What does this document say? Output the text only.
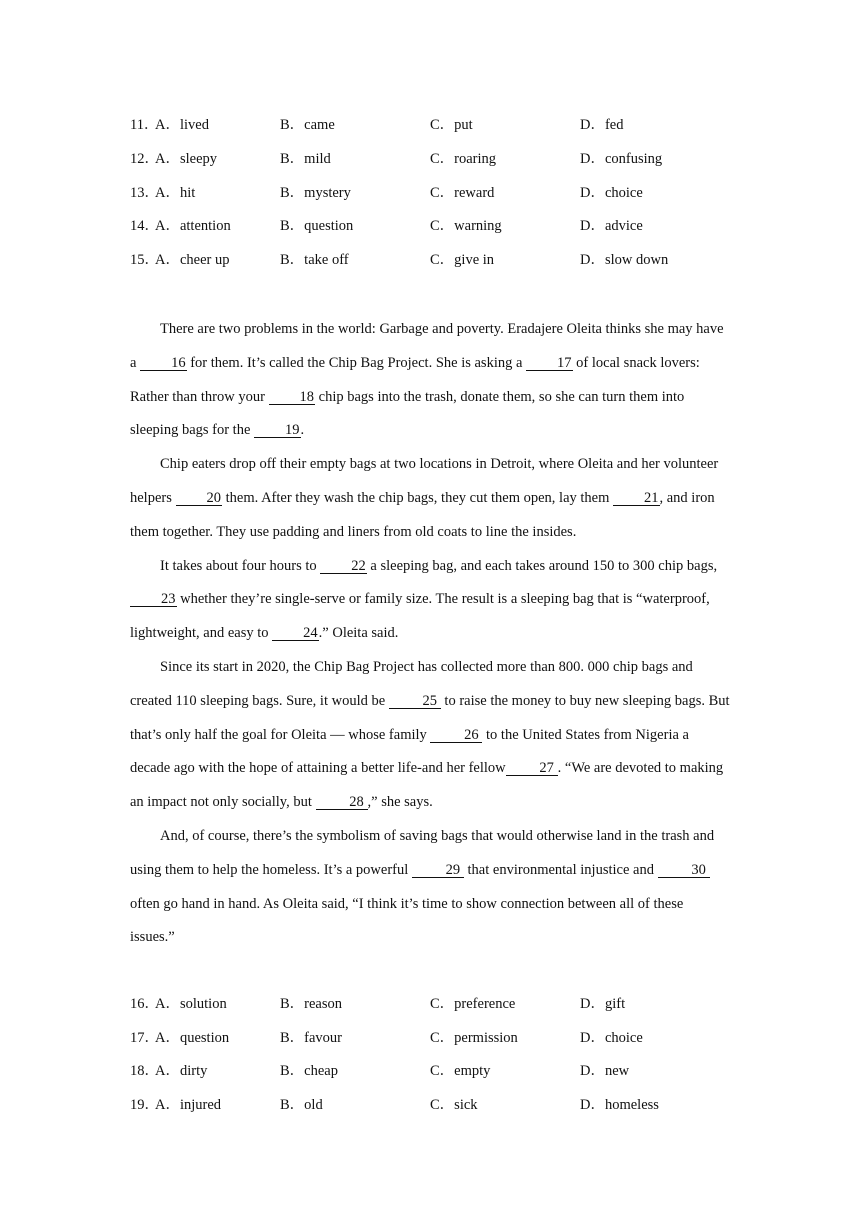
11．
A．lived	B．came	C．put	D．fed
12．
A．sleepy	B．mild	C．roaring	D．confusing
13．
A．hit	B．mystery	C．reward	D．choice
14．
A．attention	B．question	C．warning	D．advice
15．
A．cheer up	B．take off	C．give in	D．slow down

There are two problems in the world: Garbage and poverty. Eradajere Oleita thinks she may have a 16 for them. It’s called the Chip Bag Project. She is asking a 17 of local snack lovers: Rather than throw your 18 chip bags into the trash, donate them, so she can turn them into sleeping bags for the 19.

Chip eaters drop off their empty bags at two locations in Detroit, where Oleita and her volunteer helpers 20 them. After they wash the chip bags, they cut them open, lay them 21, and iron them together. They use padding and liners from old coats to line the insides.

It takes about four hours to 22 a sleeping bag, and each takes around 150 to 300 chip bags, 23 whether they’re single-serve or family size. The result is a sleeping bag that is “waterproof, lightweight, and easy to 24.” Oleita said.

Since its start in 2020, the Chip Bag Project has collected more than 800. 000 chip bags and created 110 sleeping bags. Sure, it would be 25 to raise the money to buy new sleeping bags. But that’s only half the goal for Oleita — whose family 26 to the United States from Nigeria a decade ago with the hope of attaining a better life-and her fellow 27 . “We are devoted to making an impact not only socially, but 28 ,” she says.

And, of course, there’s the symbolism of saving bags that would otherwise land in the trash and using them to help the homeless. It’s a powerful 29 that environmental injustice and 30 often go hand in hand. As Oleita said, “I think it’s time to show connection between all of these issues.”

16．
A．solution	B．reason	C．preference	D．gift
17．
A．question	B．favour	C．permission	D．choice
18．
A．dirty	B．cheap	C．empty	D．new
19．
A．injured	B．old	C．sick	D．homeless
